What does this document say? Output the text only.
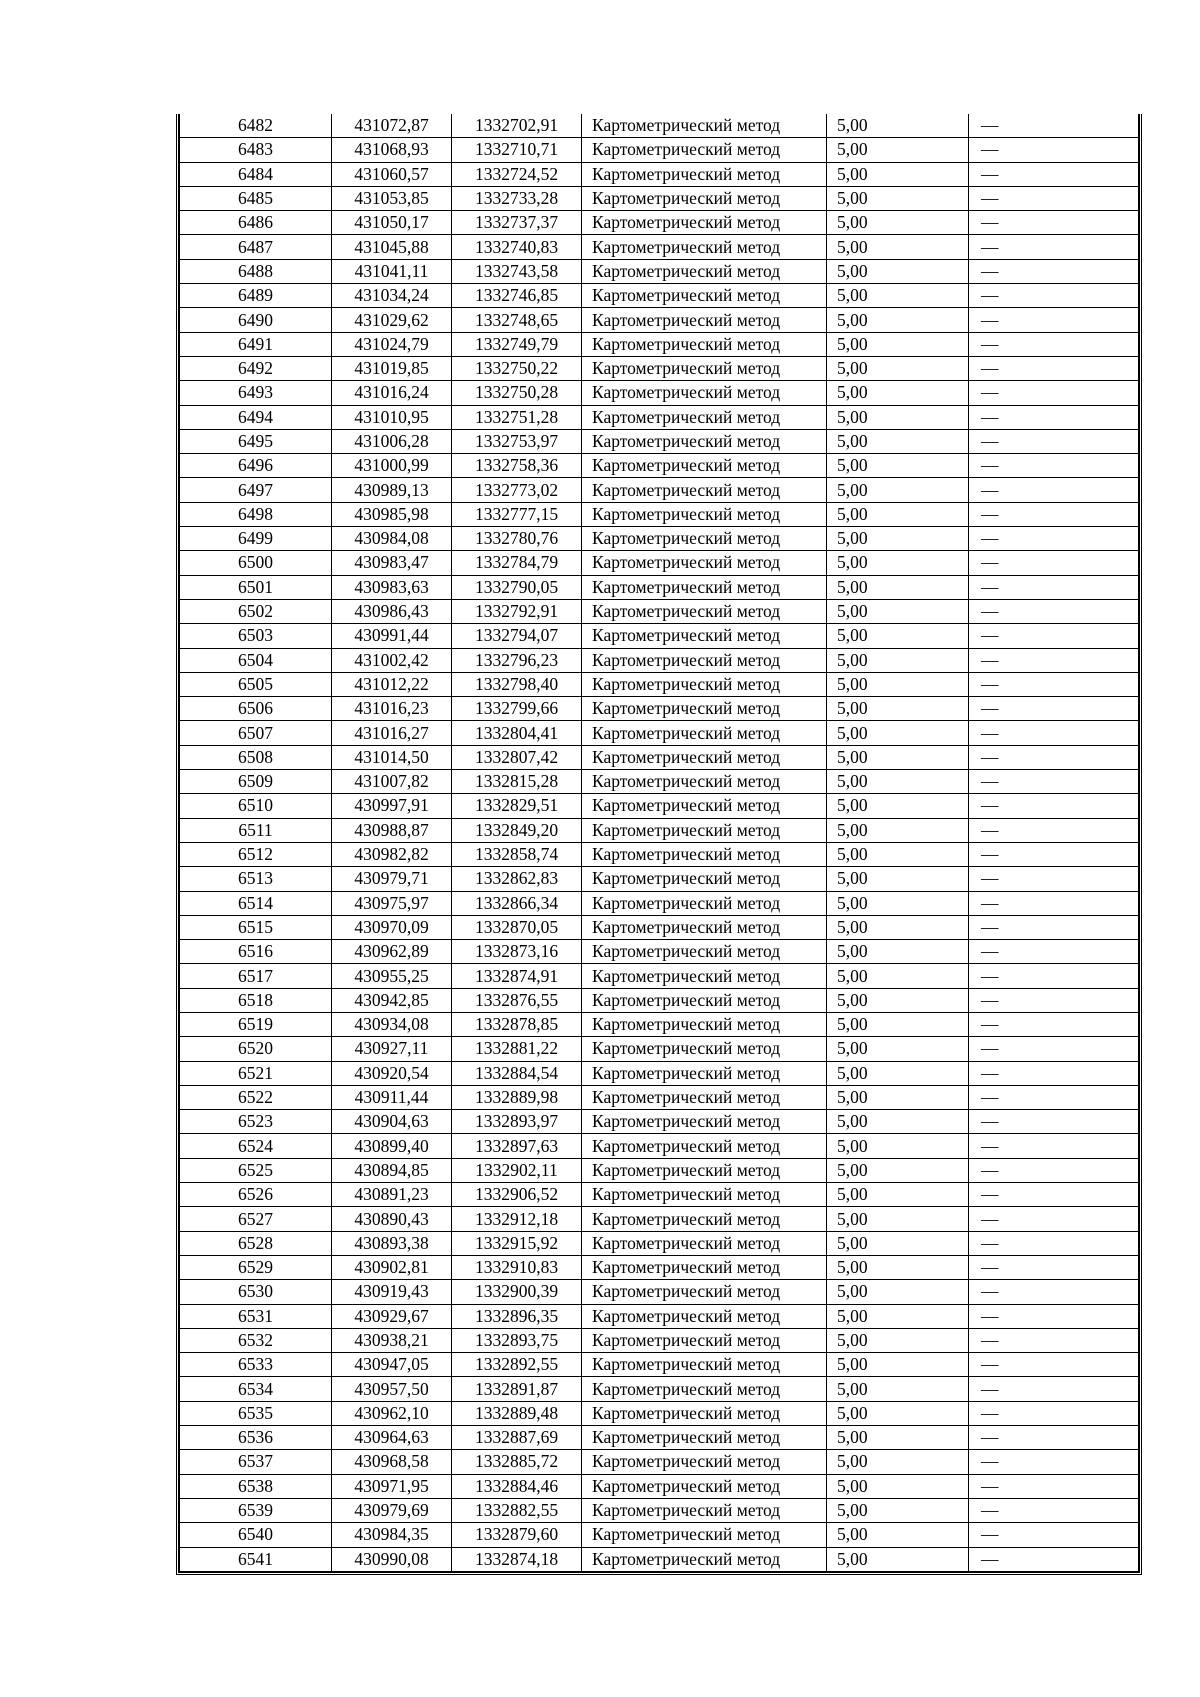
6482	431072,87	1332702,91	Картометрический метод	5,00	—
6483	431068,93	1332710,71	Картометрический метод	5,00	—
6484	431060,57	1332724,52	Картометрический метод	5,00	—
6485	431053,85	1332733,28	Картометрический метод	5,00	—
6486	431050,17	1332737,37	Картометрический метод	5,00	—
6487	431045,88	1332740,83	Картометрический метод	5,00	—
6488	431041,11	1332743,58	Картометрический метод	5,00	—
6489	431034,24	1332746,85	Картометрический метод	5,00	—
6490	431029,62	1332748,65	Картометрический метод	5,00	—
6491	431024,79	1332749,79	Картометрический метод	5,00	—
6492	431019,85	1332750,22	Картометрический метод	5,00	—
6493	431016,24	1332750,28	Картометрический метод	5,00	—
6494	431010,95	1332751,28	Картометрический метод	5,00	—
6495	431006,28	1332753,97	Картометрический метод	5,00	—
6496	431000,99	1332758,36	Картометрический метод	5,00	—
6497	430989,13	1332773,02	Картометрический метод	5,00	—
6498	430985,98	1332777,15	Картометрический метод	5,00	—
6499	430984,08	1332780,76	Картометрический метод	5,00	—
6500	430983,47	1332784,79	Картометрический метод	5,00	—
6501	430983,63	1332790,05	Картометрический метод	5,00	—
6502	430986,43	1332792,91	Картометрический метод	5,00	—
6503	430991,44	1332794,07	Картометрический метод	5,00	—
6504	431002,42	1332796,23	Картометрический метод	5,00	—
6505	431012,22	1332798,40	Картометрический метод	5,00	—
6506	431016,23	1332799,66	Картометрический метод	5,00	—
6507	431016,27	1332804,41	Картометрический метод	5,00	—
6508	431014,50	1332807,42	Картометрический метод	5,00	—
6509	431007,82	1332815,28	Картометрический метод	5,00	—
6510	430997,91	1332829,51	Картометрический метод	5,00	—
6511	430988,87	1332849,20	Картометрический метод	5,00	—
6512	430982,82	1332858,74	Картометрический метод	5,00	—
6513	430979,71	1332862,83	Картометрический метод	5,00	—
6514	430975,97	1332866,34	Картометрический метод	5,00	—
6515	430970,09	1332870,05	Картометрический метод	5,00	—
6516	430962,89	1332873,16	Картометрический метод	5,00	—
6517	430955,25	1332874,91	Картометрический метод	5,00	—
6518	430942,85	1332876,55	Картометрический метод	5,00	—
6519	430934,08	1332878,85	Картометрический метод	5,00	—
6520	430927,11	1332881,22	Картометрический метод	5,00	—
6521	430920,54	1332884,54	Картометрический метод	5,00	—
6522	430911,44	1332889,98	Картометрический метод	5,00	—
6523	430904,63	1332893,97	Картометрический метод	5,00	—
6524	430899,40	1332897,63	Картометрический метод	5,00	—
6525	430894,85	1332902,11	Картометрический метод	5,00	—
6526	430891,23	1332906,52	Картометрический метод	5,00	—
6527	430890,43	1332912,18	Картометрический метод	5,00	—
6528	430893,38	1332915,92	Картометрический метод	5,00	—
6529	430902,81	1332910,83	Картометрический метод	5,00	—
6530	430919,43	1332900,39	Картометрический метод	5,00	—
6531	430929,67	1332896,35	Картометрический метод	5,00	—
6532	430938,21	1332893,75	Картометрический метод	5,00	—
6533	430947,05	1332892,55	Картометрический метод	5,00	—
6534	430957,50	1332891,87	Картометрический метод	5,00	—
6535	430962,10	1332889,48	Картометрический метод	5,00	—
6536	430964,63	1332887,69	Картометрический метод	5,00	—
6537	430968,58	1332885,72	Картометрический метод	5,00	—
6538	430971,95	1332884,46	Картометрический метод	5,00	—
6539	430979,69	1332882,55	Картометрический метод	5,00	—
6540	430984,35	1332879,60	Картометрический метод	5,00	—
6541	430990,08	1332874,18	Картометрический метод	5,00	—
